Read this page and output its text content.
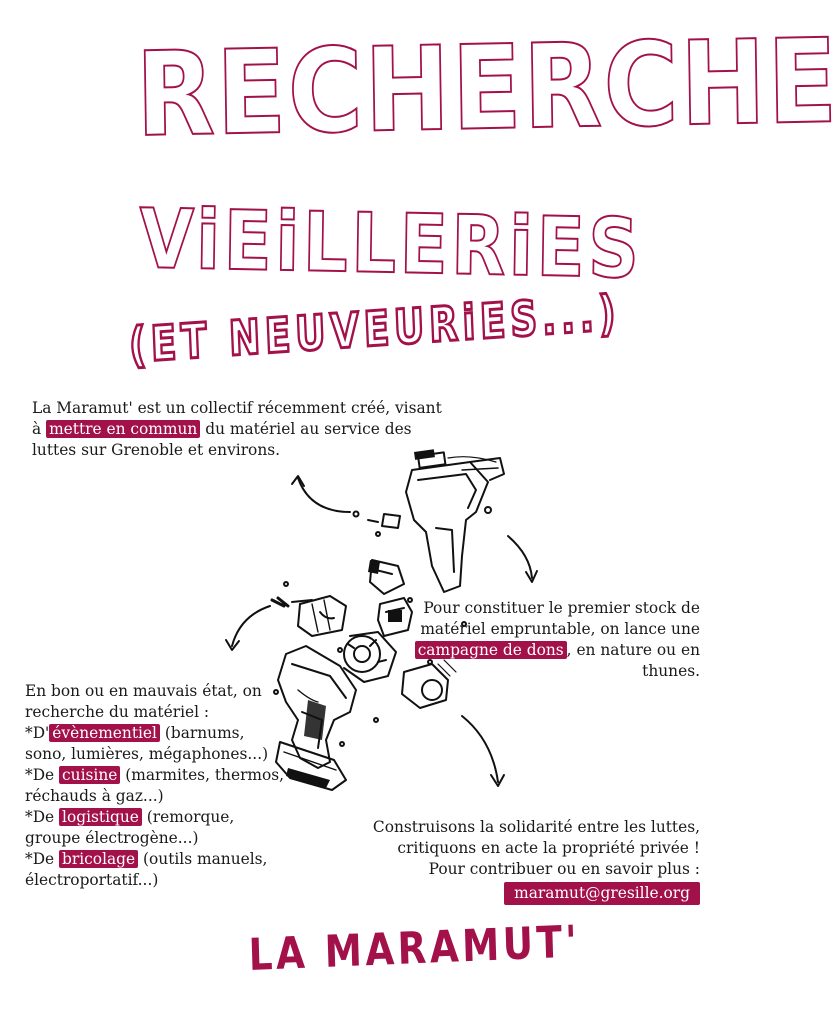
RECHERCHE
ViEiLLERiES
(ET NEUVEURiES...)

La Maramut' est un collectif récemment créé, visant à mettre en commun du matériel au service des luttes sur Grenoble et environs.

Pour constituer le premier stock de matériel empruntable, on lance une campagne de dons , en nature ou en thunes.

En bon ou en mauvais état, on recherche du matériel :
*D' évènementiel (barnums, sono, lumières, mégaphones...)
*De cuisine (marmites, thermos, réchauds à gaz...)
*De logistique (remorque, groupe électrogène...)
*De bricolage (outils manuels, électroportatif...)
Construisons la solidarité entre les luttes,
critiquons en acte la propriété privée !
Pour contribuer ou en savoir plus :
maramut@gresille.org
LA MARAMUT'
